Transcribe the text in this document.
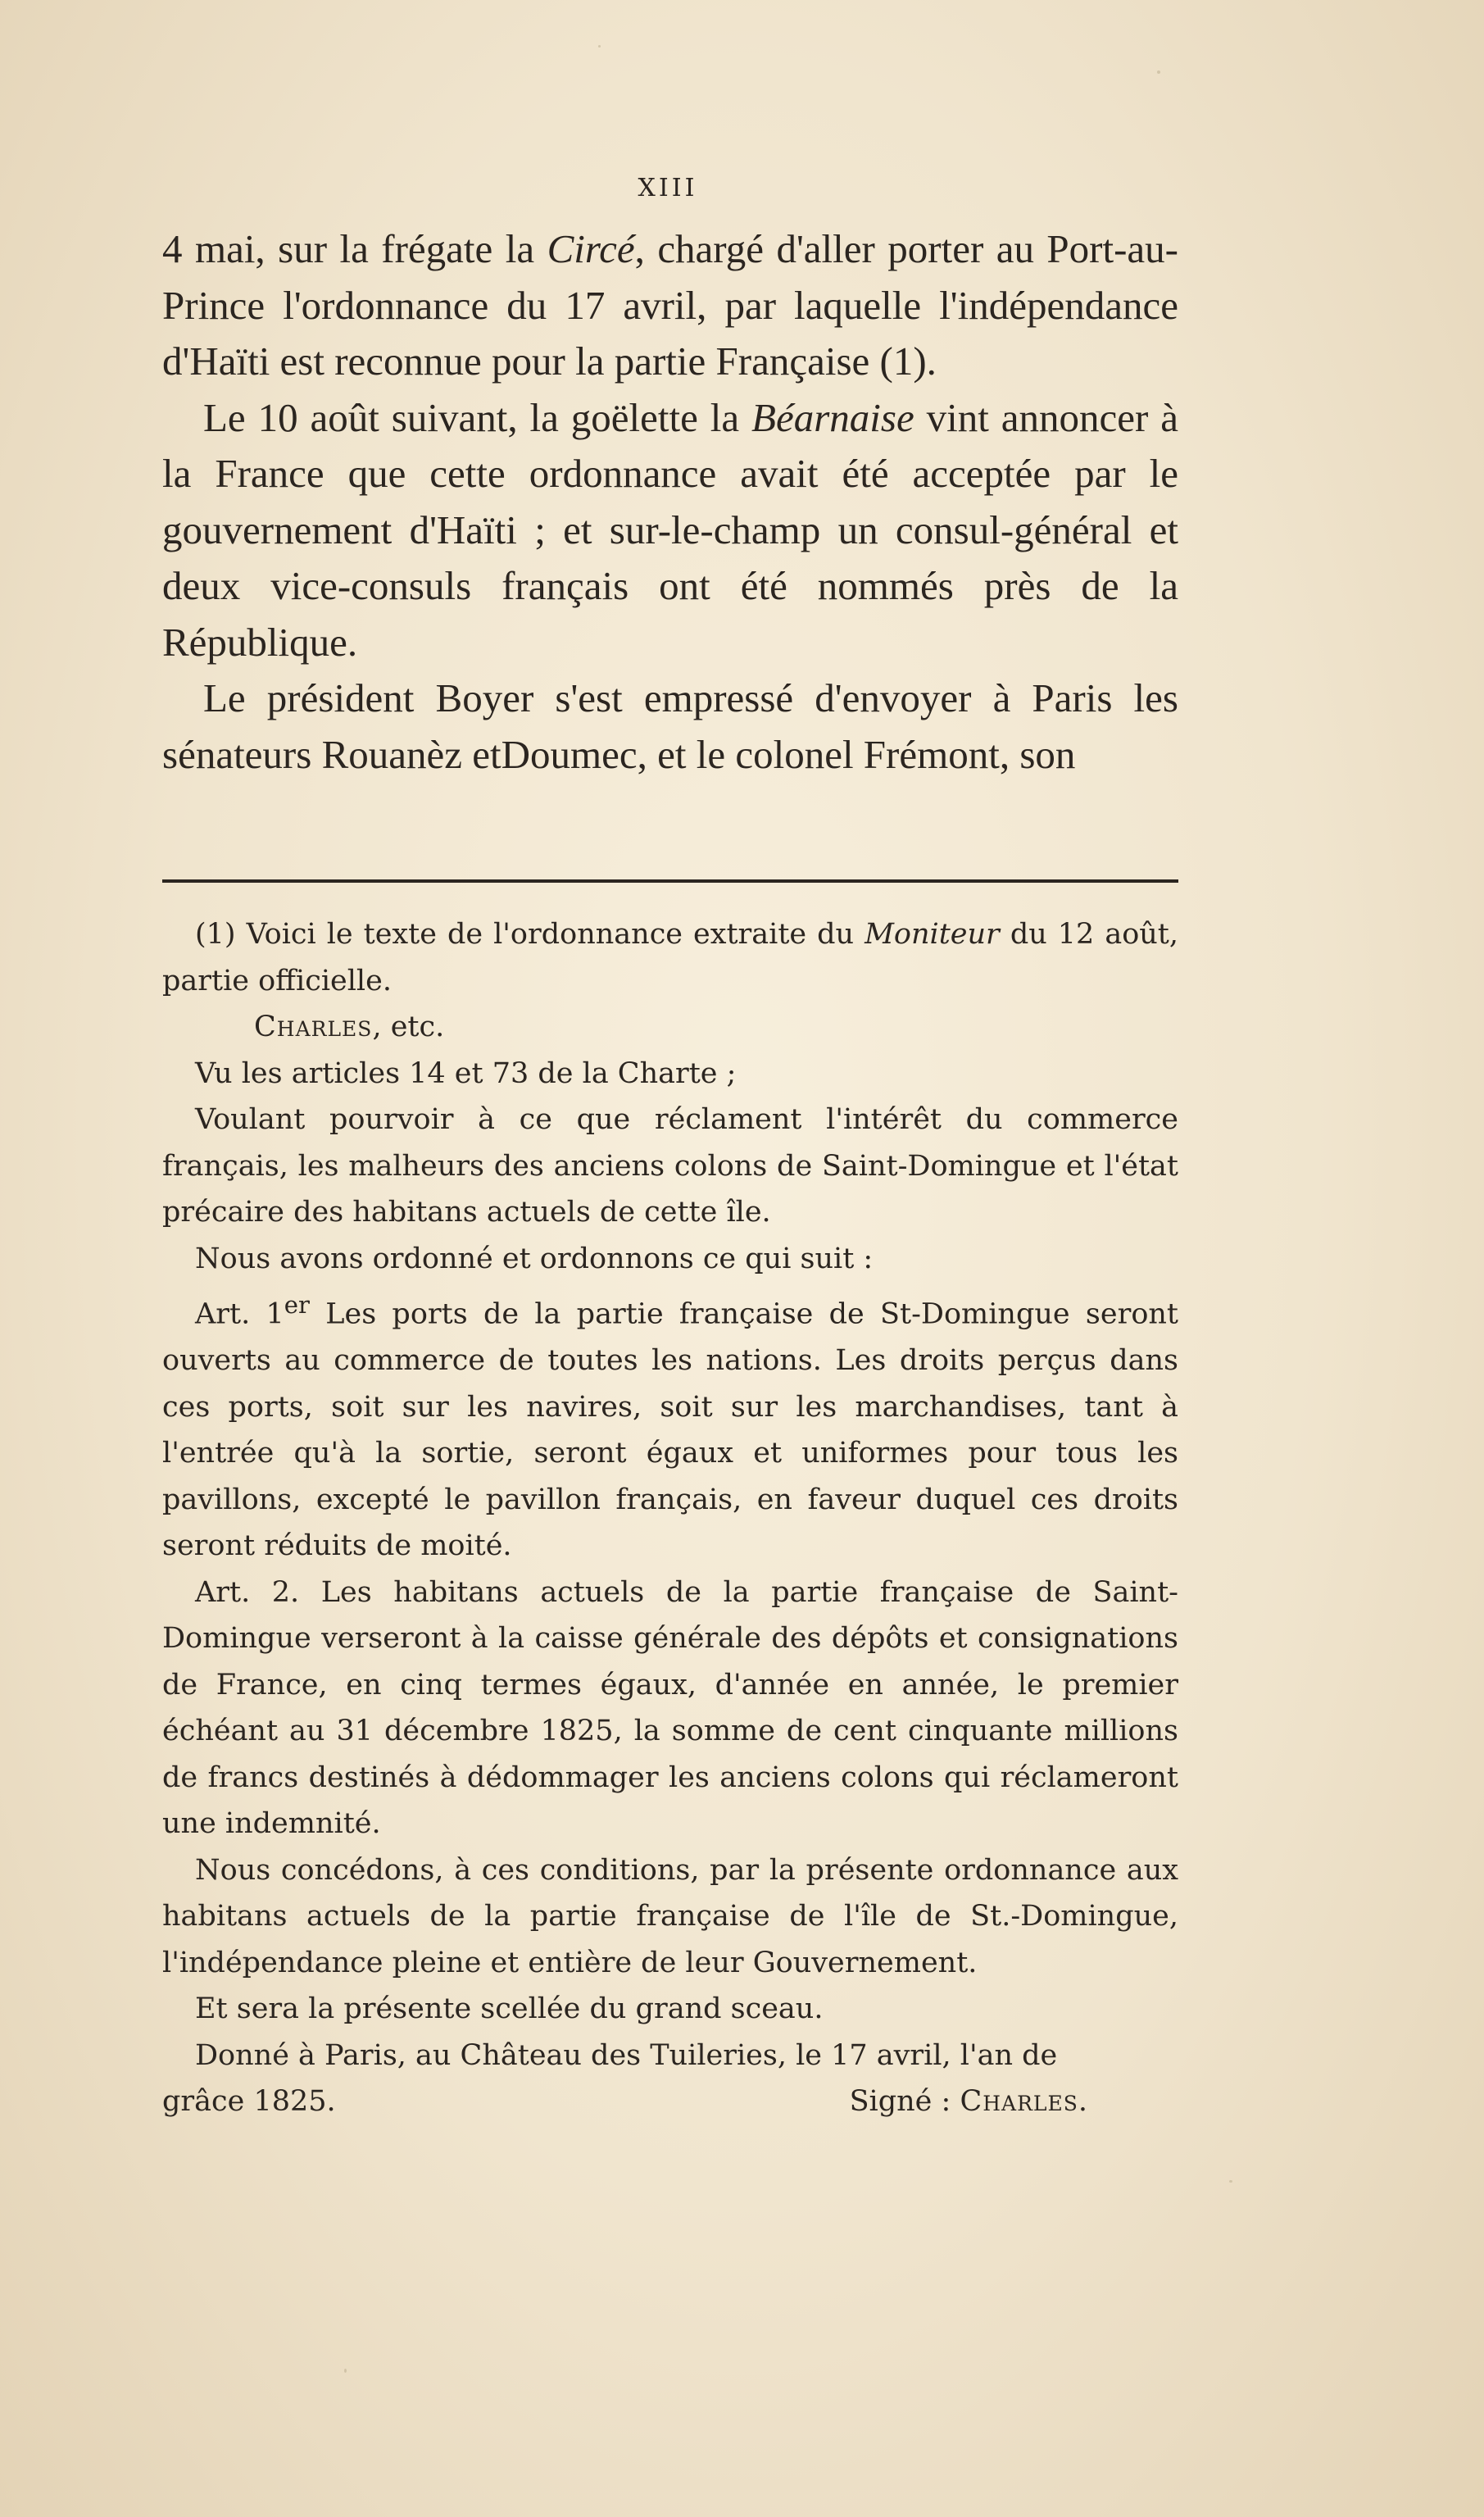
XIII

4 mai, sur la frégate la Circé, chargé d'aller porter au Port-au-Prince l'ordonnance du 17 avril, par laquelle l'indépendance d'Haïti est reconnue pour la partie Française (1).

Le 10 août suivant, la goëlette la Béarnaise vint annoncer à la France que cette ordonnance avait été acceptée par le gouvernement d'Haïti ; et sur-le-champ un consul-général et deux vice-consuls français ont été nommés près de la République.

Le président Boyer s'est empressé d'envoyer à Paris les sénateurs Rouanèz etDoumec, et le colonel Frémont, son

(1) Voici le texte de l'ordonnance extraite du Moniteur du 12 août, partie officielle.

Charles, etc.

Vu les articles 14 et 73 de la Charte ;

Voulant pourvoir à ce que réclament l'intérêt du commerce français, les malheurs des anciens colons de Saint-Domingue et l'état précaire des habitans actuels de cette île.

Nous avons ordonné et ordonnons ce qui suit :

Art. 1er Les ports de la partie française de St-Domingue seront ouverts au commerce de toutes les nations. Les droits perçus dans ces ports, soit sur les navires, soit sur les marchandises, tant à l'entrée qu'à la sortie, seront égaux et uniformes pour tous les pavillons, excepté le pavillon français, en faveur duquel ces droits seront réduits de moité.

Art. 2. Les habitans actuels de la partie française de Saint-Domingue verseront à la caisse générale des dépôts et consignations de France, en cinq termes égaux, d'année en année, le premier échéant au 31 décembre 1825, la somme de cent cinquante millions de francs destinés à dédommager les anciens colons qui réclameront une indemnité.

Nous concédons, à ces conditions, par la présente ordonnance aux habitans actuels de la partie française de l'île de St.-Domingue, l'indépendance pleine et entière de leur Gouvernement.

Et sera la présente scellée du grand sceau.

Donné à Paris, au Château des Tuileries, le 17 avril, l'an de

grâce 1825.	Signé : Charles.
